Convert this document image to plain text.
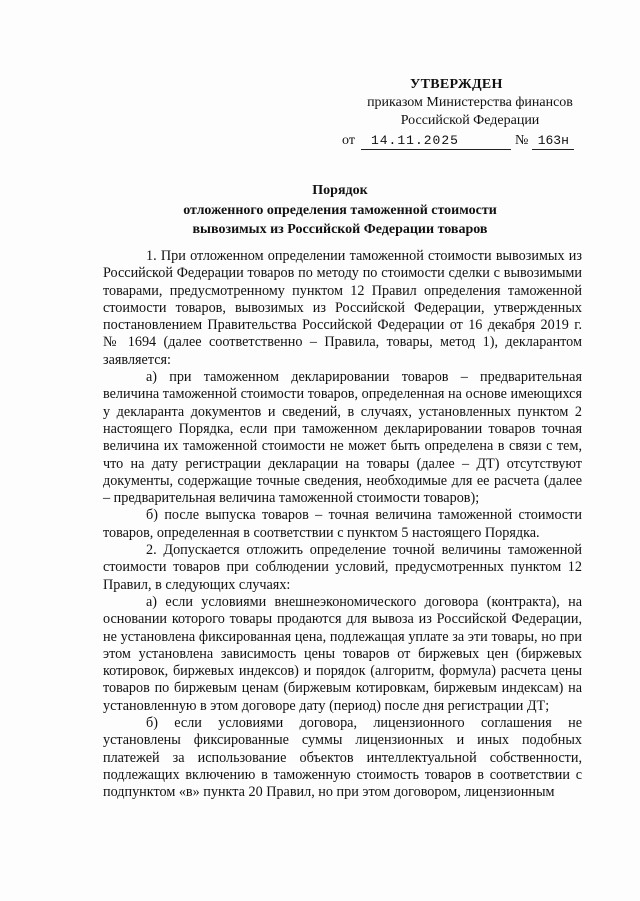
УТВЕРЖДЕН
приказом Министерства финансов
Российской Федерации
от	14.11.2025	№ 163н
Порядок
отложенного определения таможенной стоимости
вывозимых из Российской Федерации товаров

1. При отложенном определении таможенной стоимости вывозимых из Российской Федерации товаров по методу по стоимости сделки с вывозимыми товарами, предусмотренному пунктом 12 Правил определения таможенной стоимости товаров, вывозимых из Российской Федерации, утвержденных постановлением Правительства Российской Федерации от 16 декабря 2019 г. № 1694 (далее соответственно – Правила, товары, метод 1), декларантом заявляется:

а) при таможенном декларировании товаров – предварительная величина таможенной стоимости товаров, определенная на основе имеющихся у декларанта документов и сведений, в случаях, установленных пунктом 2 настоящего Порядка, если при таможенном декларировании товаров точная величина их таможенной стоимости не может быть определена в связи с тем, что на дату регистрации декларации на товары (далее – ДТ) отсутствуют документы, содержащие точные сведения, необходимые для ее расчета (далее – предварительная величина таможенной стоимости товаров);

б) после выпуска товаров – точная величина таможенной стоимости товаров, определенная в соответствии с пунктом 5 настоящего Порядка.

2. Допускается отложить определение точной величины таможенной стоимости товаров при соблюдении условий, предусмотренных пунктом 12 Правил, в следующих случаях:

а) если условиями внешнеэкономического договора (контракта), на основании которого товары продаются для вывоза из Российской Федерации, не установлена фиксированная цена, подлежащая уплате за эти товары, но при этом установлена зависимость цены товаров от биржевых цен (биржевых котировок, биржевых индексов) и порядок (алгоритм, формула) расчета цены товаров по биржевым ценам (биржевым котировкам, биржевым индексам) на установленную в этом договоре дату (период) после дня регистрации ДТ;

б) если условиями договора, лицензионного соглашения не установлены фиксированные суммы лицензионных и иных подобных платежей за использование объектов интеллектуальной собственности, подлежащих включению в таможенную стоимость товаров в соответствии с подпунктом «в» пункта 20 Правил, но при этом договором, лицензионным
